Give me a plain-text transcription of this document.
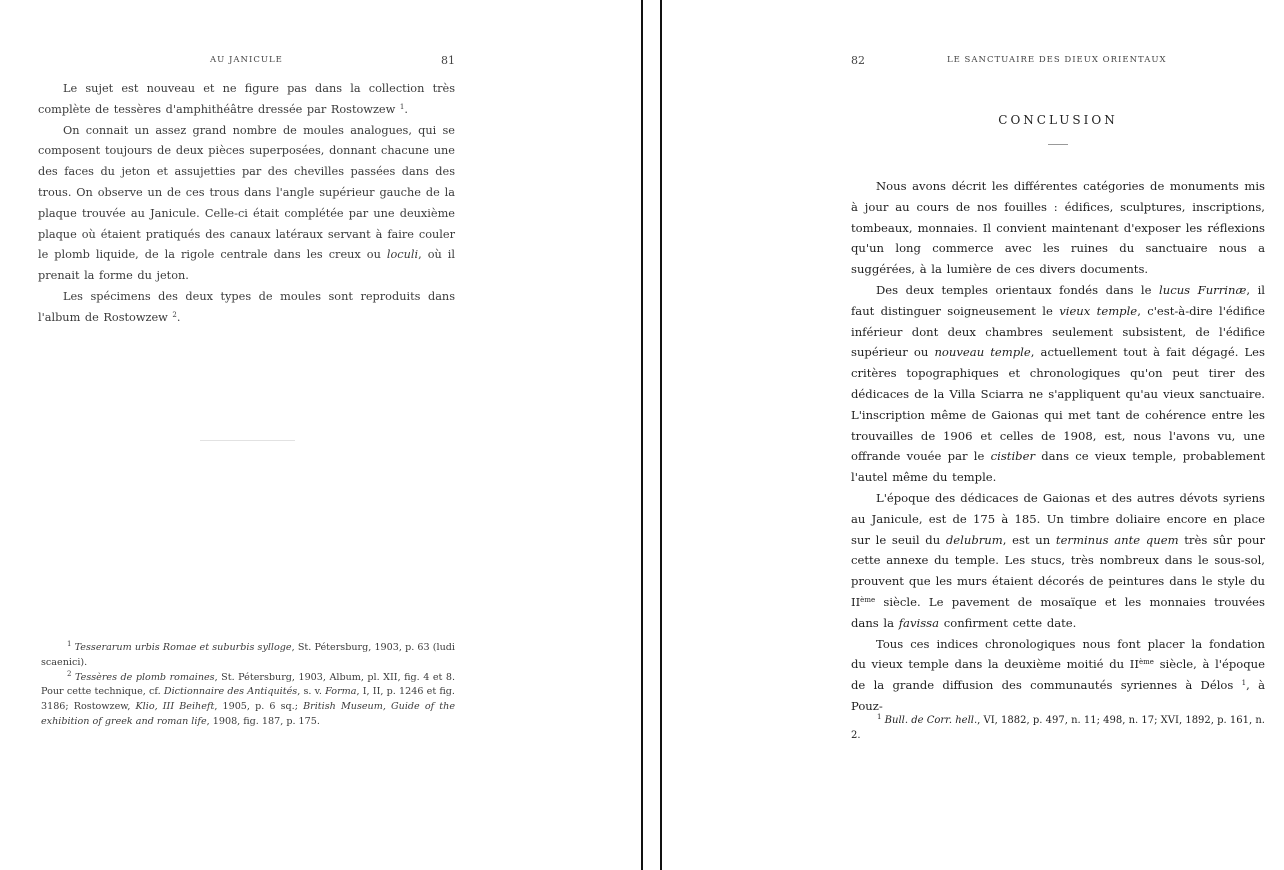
AU JANICULE	81

Le sujet est nouveau et ne figure pas dans la collection très complète de tessères d'amphithéâtre dressée par Rostowzew $^1$.

On connait un assez grand nombre de moules analogues, qui se composent toujours de deux pièces superposées, donnant chacune une des faces du jeton et assujetties par des chevilles passées dans des trous. On observe un de ces trous dans l'angle supérieur gauche de la plaque trouvée au Janicule. Celle-ci était complétée par une deuxième plaque où étaient pratiqués des canaux latéraux servant à faire couler le plomb liquide, de la rigole centrale dans les creux ou loculi, où il prenait la forme du jeton.

Les spécimens des deux types de moules sont reproduits dans l'album de Rostowzew $^2$.

$^1$ Tesserarum urbis Romae et suburbis sylloge, St. Pétersburg, 1903, p. 63 (ludi scaenici).

$^2$ Tessères de plomb romaines, St. Pétersburg, 1903, Album, pl. XII, fig. 4 et 8. Pour cette technique, cf. Dictionnaire des Antiquités, s. v. Forma, I, II, p. 1246 et fig. 3186; Rostowzew, Klio, III Beiheft, 1905, p. 6 sq.; British Museum, Guide of the exhibition of greek and roman life, 1908, fig. 187, p. 175.

82	LE SANCTUAIRE DES DIEUX ORIENTAUX
CONCLUSION

Nous avons décrit les différentes catégories de monuments mis à jour au cours de nos fouilles : édifices, sculptures, inscriptions, tombeaux, monnaies. Il convient maintenant d'exposer les réflexions qu'un long commerce avec les ruines du sanctuaire nous a suggérées, à la lumière de ces divers documents.

Des deux temples orientaux fondés dans le lucus Furrinæ, il faut distinguer soigneusement le vieux temple, c'est-à-dire l'édifice inférieur dont deux chambres seulement subsistent, de l'édifice supérieur ou nouveau temple, actuellement tout à fait dégagé. Les critères topographiques et chronologiques qu'on peut tirer des dédicaces de la Villa Sciarra ne s'appliquent qu'au vieux sanctuaire. L'inscription même de Gaionas qui met tant de cohérence entre les trouvailles de 1906 et celles de 1908, est, nous l'avons vu, une offrande vouée par le cistiber dans ce vieux temple, probablement l'autel même du temple.

L'époque des dédicaces de Gaionas et des autres dévots syriens au Janicule, est de 175 à 185. Un timbre doliaire encore en place sur le seuil du delubrum, est un terminus ante quem très sûr pour cette annexe du temple. Les stucs, très nombreux dans le sous-sol, prouvent que les murs étaient décorés de peintures dans le style du IIème siècle. Le pavement de mosaïque et les monnaies trouvées dans la favissa confirment cette date.

Tous ces indices chronologiques nous font placer la fondation du vieux temple dans la deuxième moitié du IIème siècle, à l'époque de la grande diffusion des communautés syriennes à Délos $^1$, à Pouz-

$^1$ Bull. de Corr. hell., VI, 1882, p. 497, n. 11; 498, n. 17; XVI, 1892, p. 161, n. 2.
